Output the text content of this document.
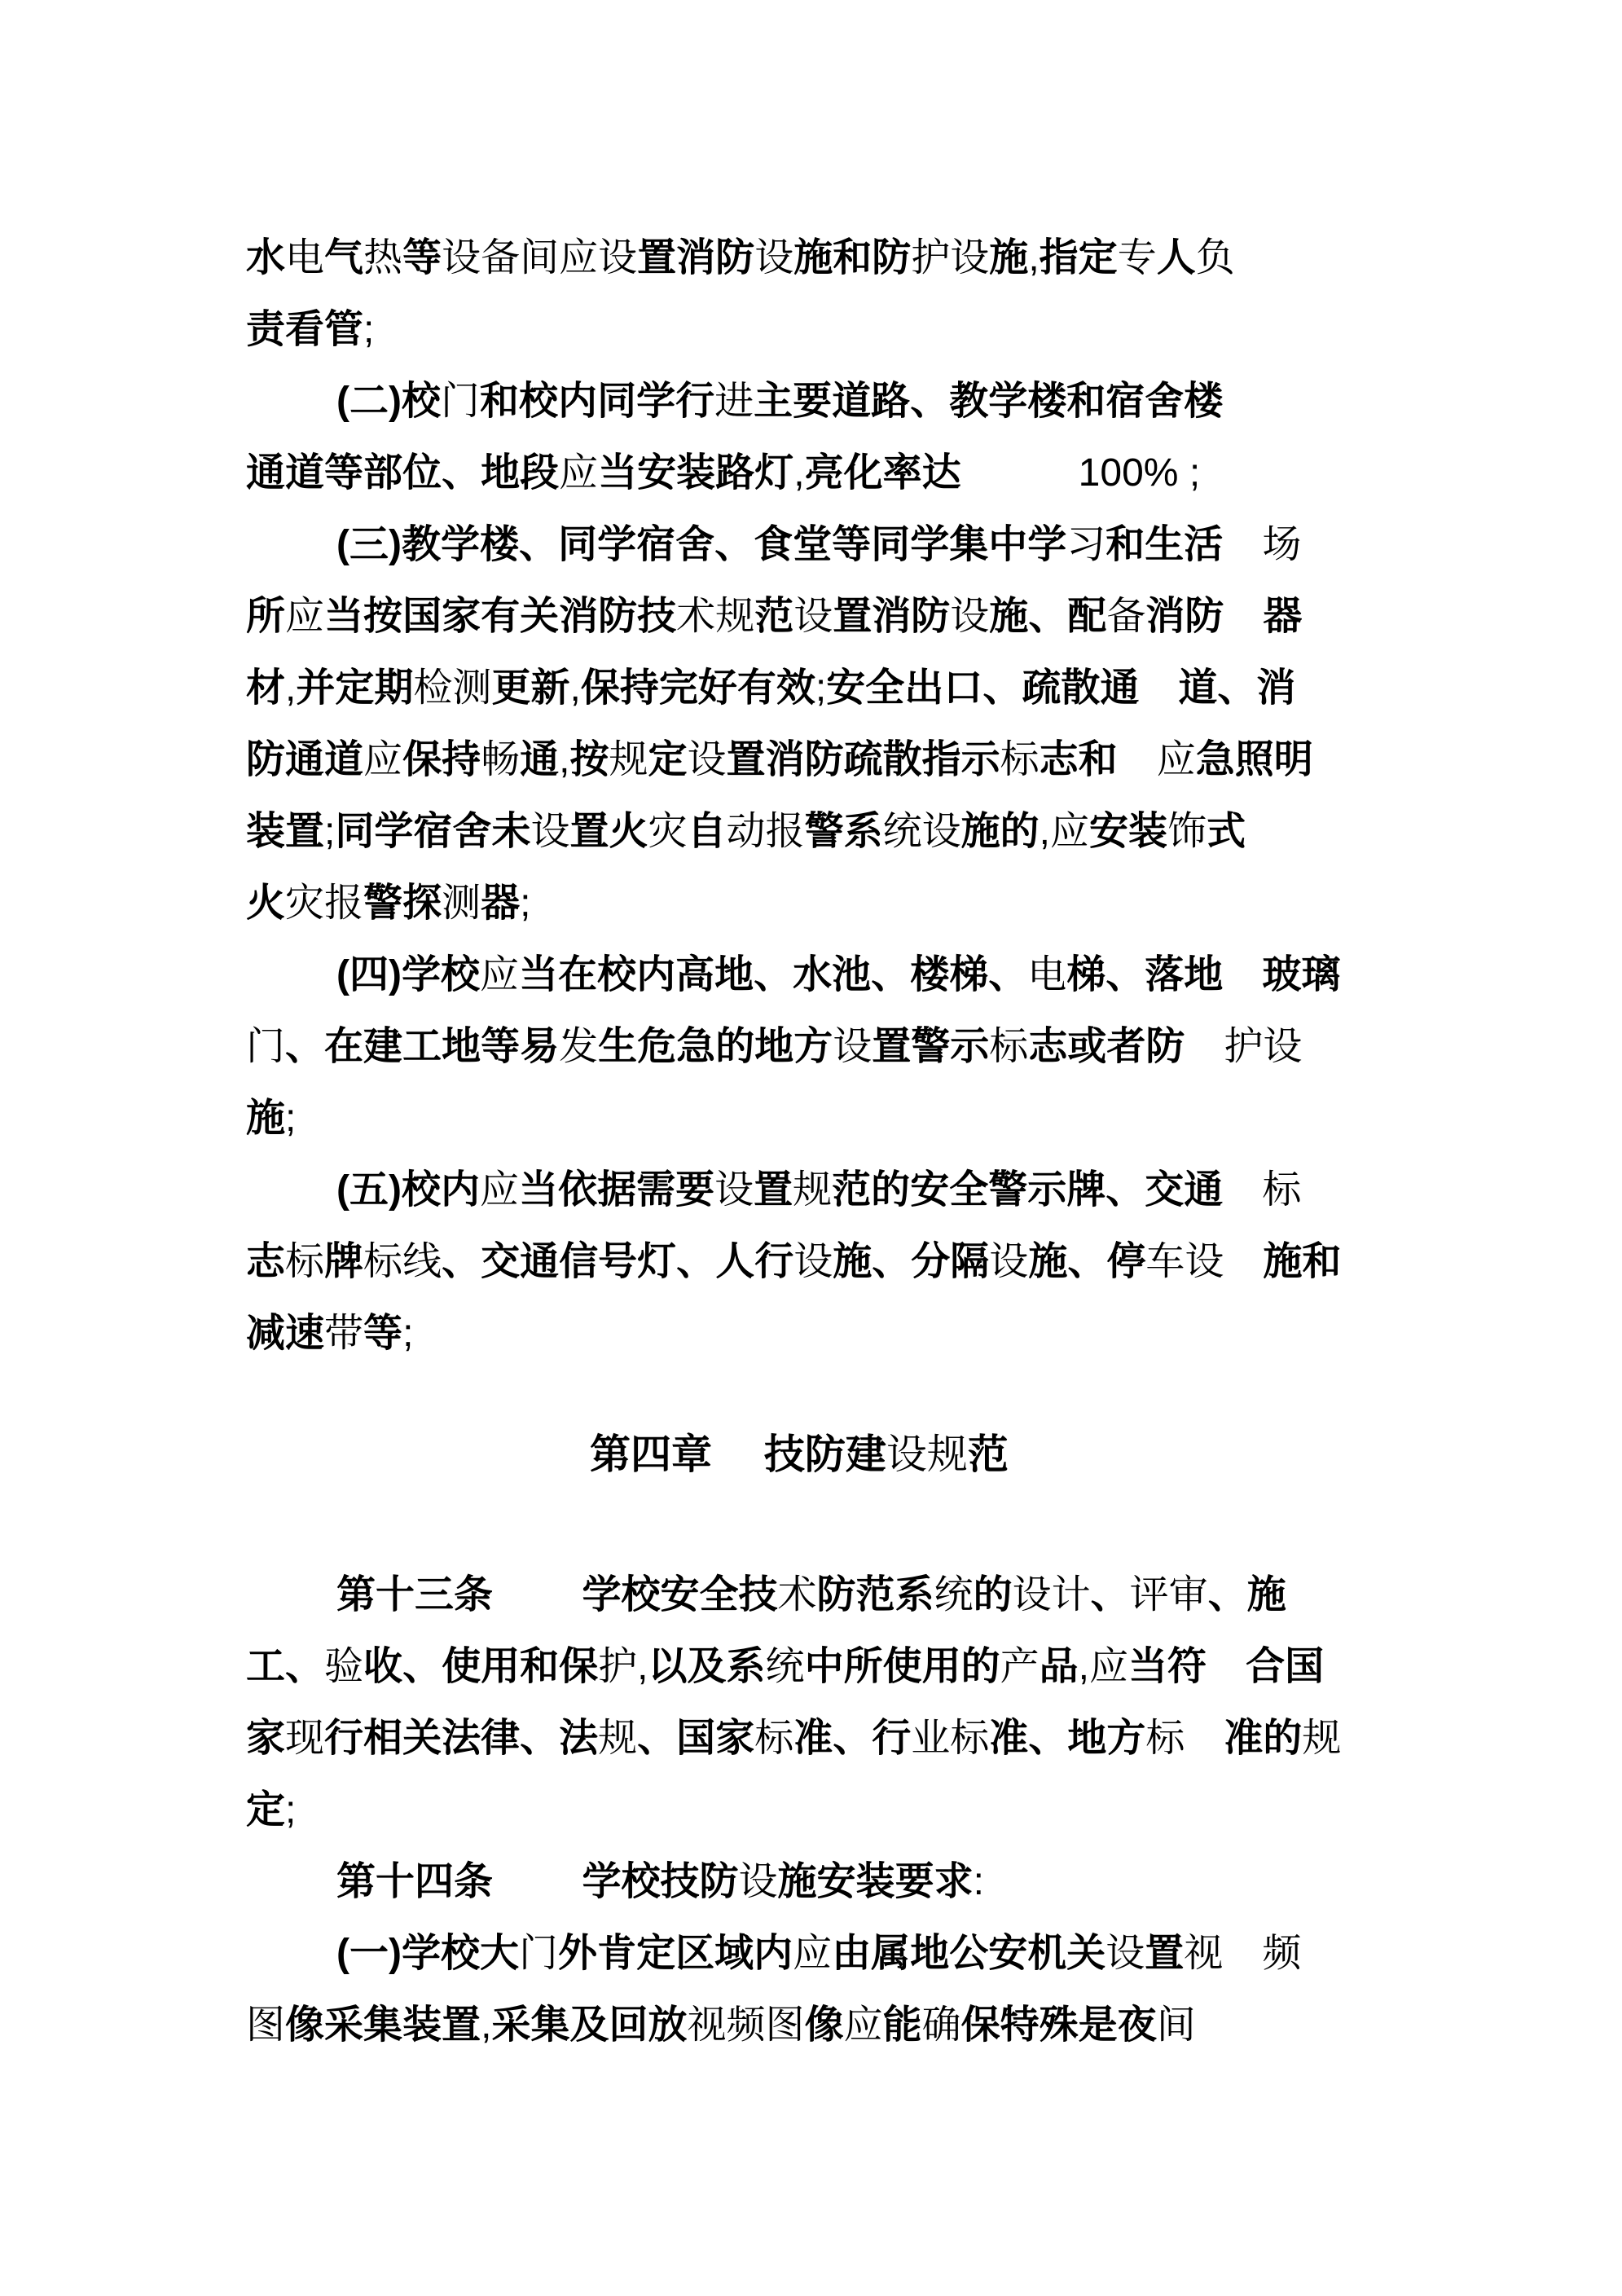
水电气热等设备间应设置消防设施和防护设施,指定专人负
责看管;
(二)校门和校内同学行进主要道路、教学楼和宿舍楼
通道等部位、地段应当安装路灯,亮化率达　　　	100% ;
(三)教学楼、同学宿舍、食堂等同学集中学习和生活　 场
所应当按国家有关消防技术规范设置消防设施、配备消防　 器
材,并定期检测更新,保持完好有效;安全出口、疏散通　 道、消
防通道应保持畅通,按规定设置消防疏散指示标志和　 应急照明
装置;同学宿舍未设置火灾自动报警系统设施的,应安装饰式
火灾报警探测器;
(四)学校应当在校内高地、水池、楼梯、电梯、落地　 玻璃
门、在建工地等易发生危急的地方设置警示标志或者防　 护设
施;
(五)校内应当依据需要设置规范的安全警示牌、交通　 标
志标牌标线、交通信号灯、人行设施、分隔设施、停车设　 施和
减速带等;
第四章　 技防建设规范
第十三条　　 学校安全技术防范系统的设计、评审、施
工、验收、使用和保护,以及系统中所使用的产品,应当符　 合国
家现行相关法律、法规、国家标准、行业标准、地方标　 准的规
定;
第十四条　　 学校技防设施安装要求:
(一)学校大门外肯定区域内应由属地公安机关设置视　 频
图像采集装置,采集及回放视频图像应能确保特殊是夜间
